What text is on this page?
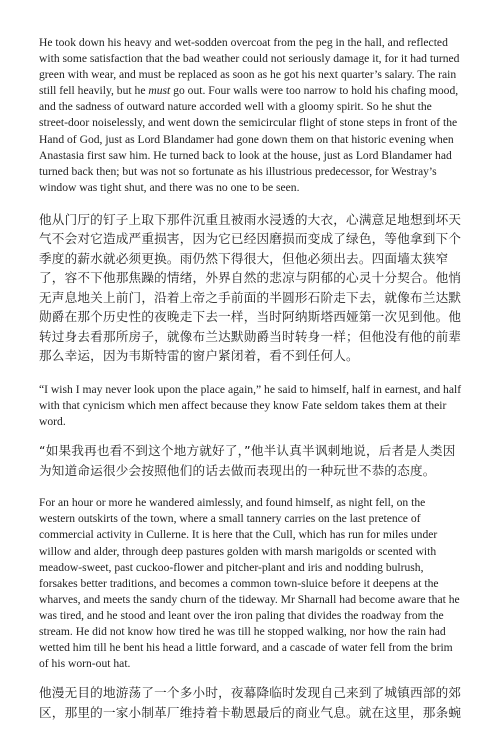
He took down his heavy and wet-sodden overcoat from the peg in the hall, and reflected with some satisfaction that the bad weather could not seriously damage it, for it had turned green with wear, and must be replaced as soon as he got his next quarter’s salary. The rain still fell heavily, but he must go out. Four walls were too narrow to hold his chafing mood, and the sadness of outward nature accorded well with a gloomy spirit. So he shut the street-door noiselessly, and went down the semicircular flight of stone steps in front of the Hand of God, just as Lord Blandamer had gone down them on that historic evening when Anastasia first saw him. He turned back to look at the house, just as Lord Blandamer had turned back then; but was not so fortunate as his illustrious predecessor, for Westray’s window was tight shut, and there was no one to be seen.

他从门厅的钉子上取下那件沉重且被雨水浸透的大衣，心满意足地想到坏天气不会对它造成严重损害，因为它已经因磨损而变成了绿色，等他拿到下个季度的薪水就必须更换。雨仍然下得很大，但他必须出去。四面墙太狭窄了，容不下他那焦躁的情绪，外界自然的悲凉与阴郁的心灵十分契合。他悄无声息地关上前门，沿着上帝之手前面的半圆形石阶走下去，就像布兰达默勋爵在那个历史性的夜晚走下去一样，当时阿纳斯塔西娅第一次见到他。他转过身去看那所房子，就像布兰达默勋爵当时转身一样；但他没有他的前辈那么幸运，因为韦斯特雷的窗户紧闭着，看不到任何人。

“I wish I may never look upon the place again,” he said to himself, half in earnest, and half with that cynicism which men affect because they know Fate seldom takes them at their word.

“如果我再也看不到这个地方就好了，”他半认真半讽刺地说，后者是人类因为知道命运很少会按照他们的话去做而表现出的一种玩世不恭的态度。

For an hour or more he wandered aimlessly, and found himself, as night fell, on the western outskirts of the town, where a small tannery carries on the last pretence of commercial activity in Cullerne. It is here that the Cull, which has run for miles under willow and alder, through deep pastures golden with marsh marigolds or scented with meadow-sweet, past cuckoo-flower and pitcher-plant and iris and nodding bulrush, forsakes better traditions, and becomes a common town-sluice before it deepens at the wharves, and meets the sandy churn of the tideway. Mr Sharnall had become aware that he was tired, and he stood and leant over the iron paling that divides the roadway from the stream. He did not know how tired he was till he stopped walking, nor how the rain had wetted him till he bent his head a little forward, and a cascade of water fell from the brim of his worn-out hat.

他漫无目的地游荡了一个多小时，夜幕降临时发现自己来到了城镇西部的郊区，那里的一家小制革厂维持着卡勒恩最后的商业气息。就在这里，那条蜿
